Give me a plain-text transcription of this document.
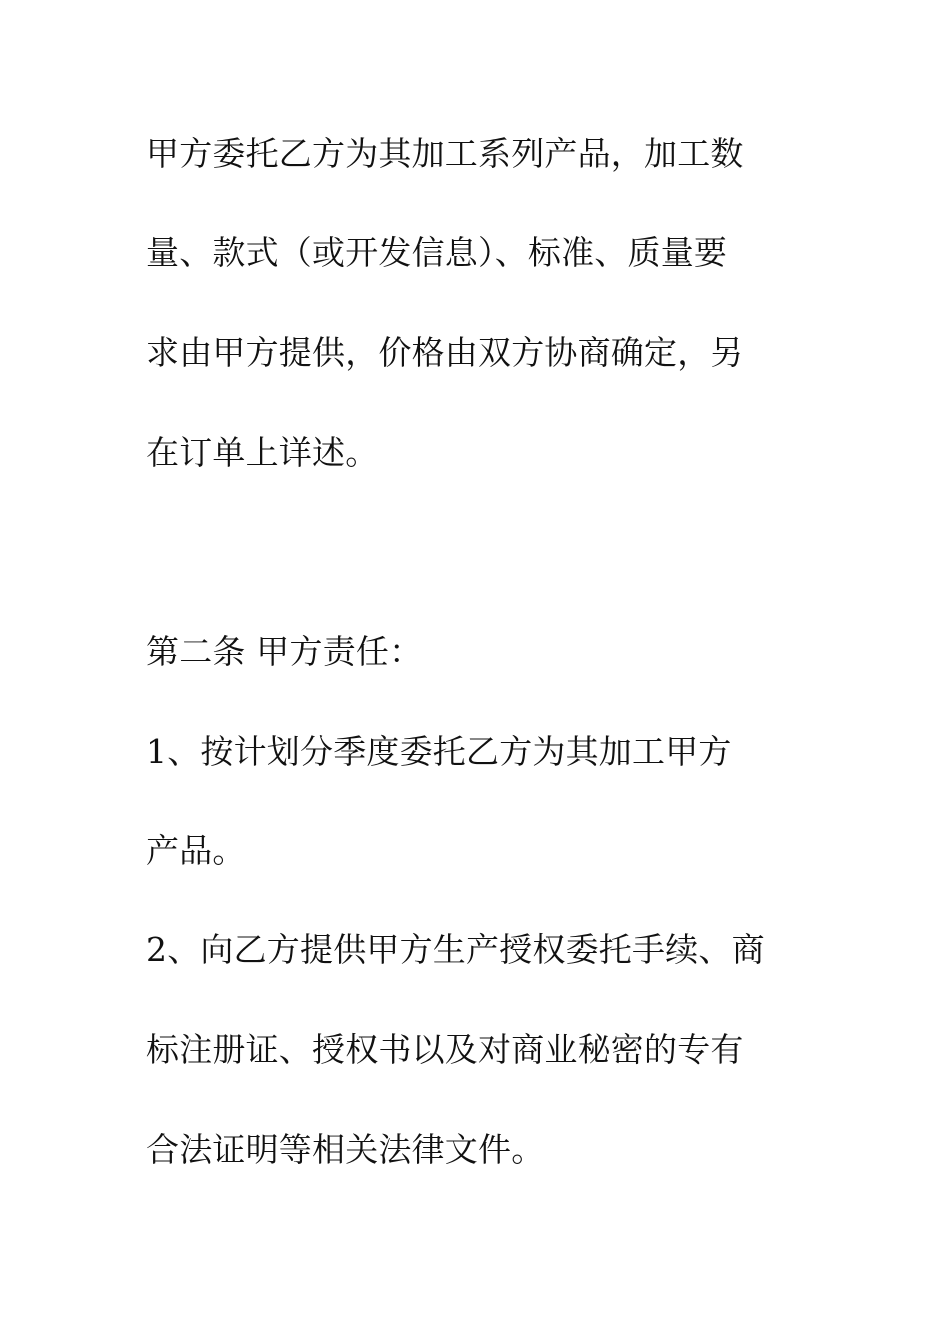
甲方委托乙方为其加工系列产品，加工数
量、款式（或开发信息）、标准、质量要
求由甲方提供，价格由双方协商确定，另
在订单上详述。
第二条 甲方责任：
1、按计划分季度委托乙方为其加工甲方
产品。
2、向乙方提供甲方生产授权委托手续、商
标注册证、授权书以及对商业秘密的专有
合法证明等相关法律文件。
